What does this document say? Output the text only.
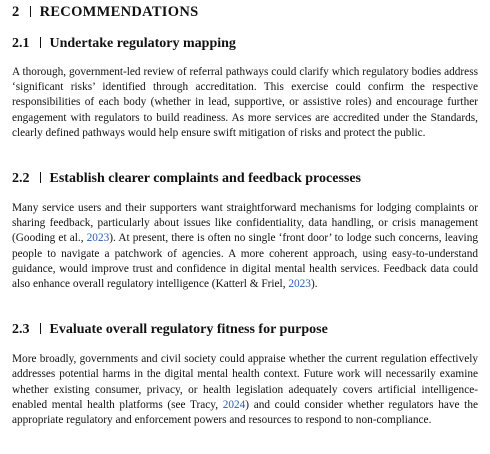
2 RECOMMENDATIONS
2.1 Undertake regulatory mapping

A thorough, government-led review of referral pathways could clarify which regulatory bodies address ‘significant risks’ identified through accreditation. This exercise could confirm the respective responsibilities of each body (whether in lead, supportive, or assistive roles) and encourage further engagement with regulators to build readiness. As more services are accredited under the Standards, clearly defined pathways would help ensure swift mitigation of risks and protect the public.

2.2 Establish clearer complaints and feedback processes

Many service users and their supporters want straightforward mechanisms for lodging complaints or sharing feedback, particularly about issues like confidentiality, data handling, or crisis management (Gooding et al., 2023). At present, there is often no single ‘front door’ to lodge such concerns, leaving people to navigate a patchwork of agencies. A more coherent approach, using easy-to-understand guidance, would improve trust and confidence in digital mental health services. Feedback data could also enhance overall regulatory intelligence (Katterl & Friel, 2023).

2.3 Evaluate overall regulatory fitness for purpose

More broadly, governments and civil society could appraise whether the current regulation effectively addresses potential harms in the digital mental health context. Future work will necessarily examine whether existing consumer, privacy, or health legislation adequately covers artificial intelligence-enabled mental health platforms (see Tracy, 2024) and could consider whether regulators have the appropriate regulatory and enforcement powers and resources to respond to non-compliance.
